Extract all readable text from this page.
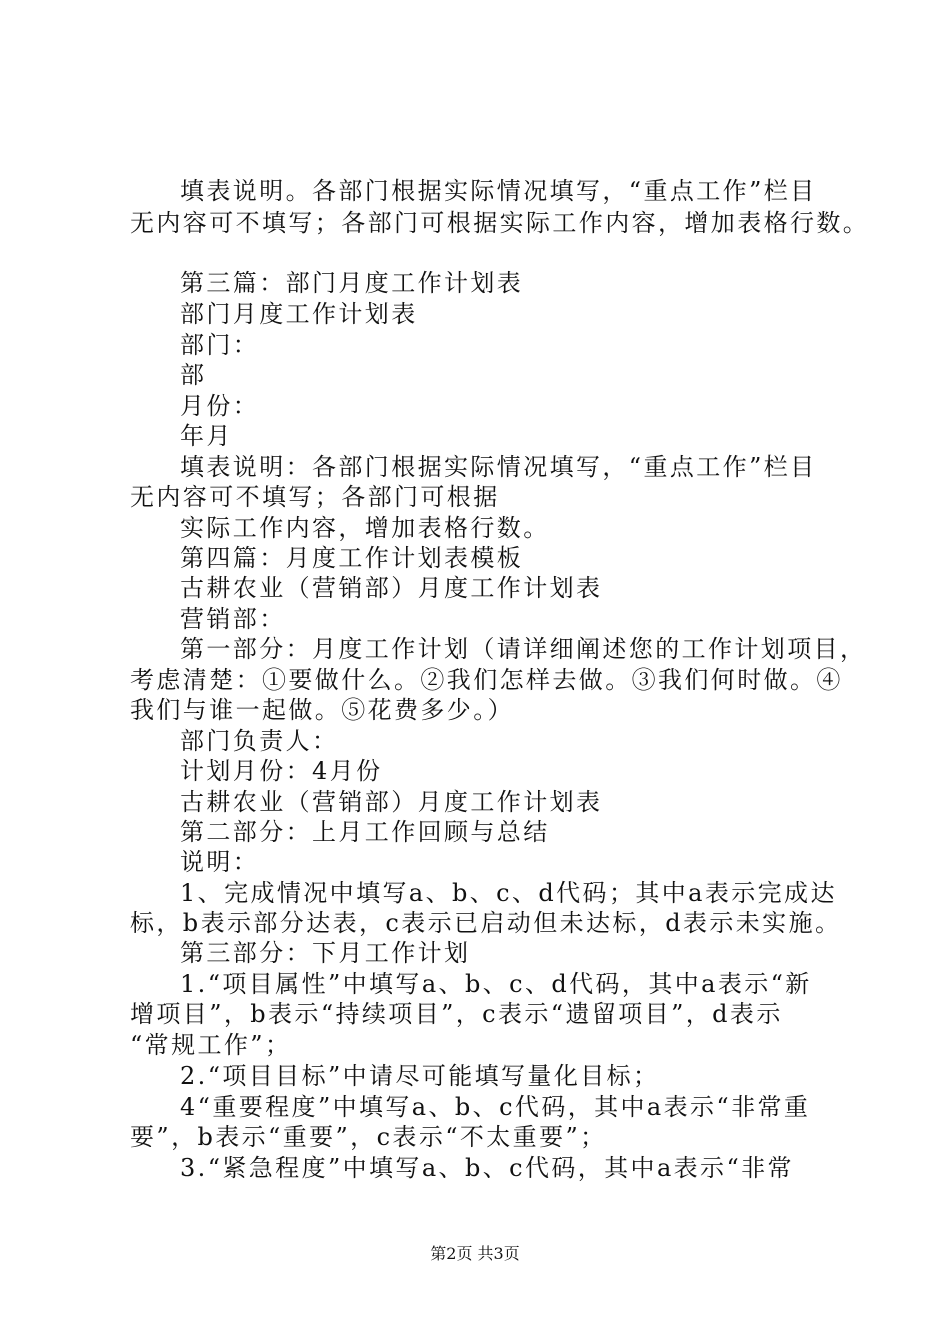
填表说明。各部门根据实际情况填写，“重点工作”栏目
无内容可不填写；各部门可根据实际工作内容，增加表格行数。
第三篇：部门月度工作计划表
部门月度工作计划表
部门：
部
月份：
年月
填表说明：各部门根据实际情况填写，“重点工作”栏目
无内容可不填写；各部门可根据
实际工作内容，增加表格行数。
第四篇：月度工作计划表模板
古耕农业（营销部）月度工作计划表
营销部：
第一部分：月度工作计划（请详细阐述您的工作计划项目，
考虑清楚：①要做什么。②我们怎样去做。③我们何时做。④
我们与谁一起做。⑤花费多少。）
部门负责人：
计划月份：4月份
古耕农业（营销部）月度工作计划表
第二部分：上月工作回顾与总结
说明：
1、完成情况中填写a、b、c、d代码；其中a表示完成达
标，b表示部分达表，c表示已启动但未达标，d表示未实施。
第三部分：下月工作计划
1.“项目属性”中填写a、b、c、d代码，其中a表示“新
增项目”，b表示“持续项目”，c表示“遗留项目”，d表示
“常规工作”；
2.“项目目标”中请尽可能填写量化目标；
4“重要程度”中填写a、b、c代码，其中a表示“非常重
要”，b表示“重要”，c表示“不太重要”；
3.“紧急程度”中填写a、b、c代码，其中a表示“非常
第2页 共3页
